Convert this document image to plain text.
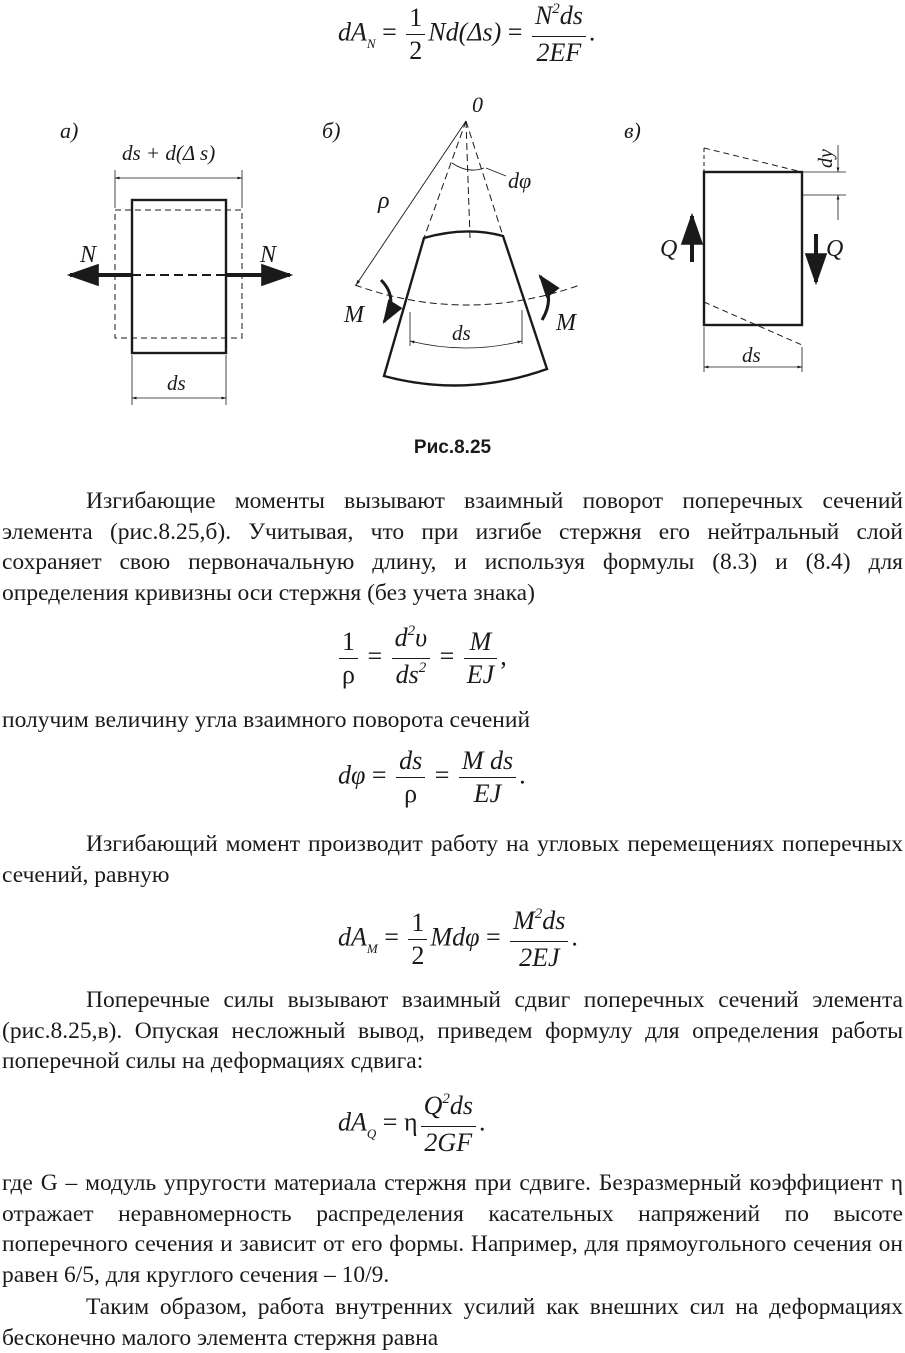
$dA_N = \frac{1}{2} Nd(\Delta s) = \frac{N^2ds}{2EF}$ .
а)
N	N
ds + d(Δ s)
ds
б)
0
dφ
ρ
M	M
ds
в)
dy
Q	Q
ds
Рис.8.25
Изгибающие моменты вызывают взаимный поворот поперечных сечений элемента (рис.8.25,б). Учитывая, что при изгибе стержня его нейтральный слой сохраняет свою первоначальную длину, и используя формулы (8.3) и (8.4) для определения кривизны оси стержня (без учета знака)
$\frac{1}{\rho} = \frac{d^2\upsilon}{ds^2} = \frac{M}{EJ}$ ,
получим величину угла взаимного поворота сечений
$d\varphi = \frac{ds}{\rho} = \frac{\text{M ds}}{EJ}$ .
Изгибающий момент производит работу на угловых перемещениях поперечных сечений, равную
$dA_M = \frac{1}{2}$ $Md\varphi = \frac{M^2ds}{2EJ}$ .
Поперечные силы вызывают взаимный сдвиг поперечных сечений элемента (рис.8.25,в). Опуская несложный вывод, приведем формулу для определения работы поперечной силы на деформациях сдвига:
$dA_Q = \eta \frac{Q^2ds}{2GF}$ .
где G – модуль упругости материала стержня при сдвиге. Безразмерный коэффициент η отражает неравномерность распределения касательных напряжений по высоте поперечного сечения и зависит от его формы. Например, для прямоугольного сечения он равен 6/5, для круглого сечения – 10/9.
Таким образом, работа внутренних усилий как внешних сил на деформациях бесконечно малого элемента стержня равна
